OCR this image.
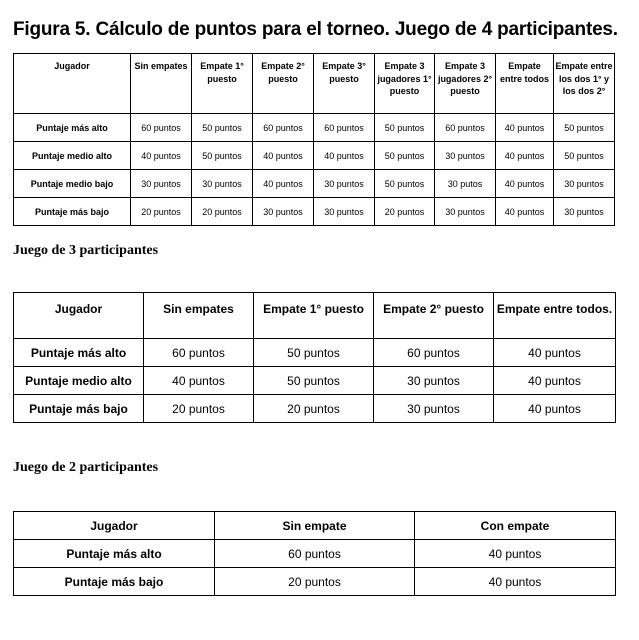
Figura 5. Cálculo de puntos para el torneo. Juego de 4 participantes.
Jugador	Sin empates	Empate 1° puesto	Empate 2° puesto	Empate 3° puesto	Empate 3 jugadores 1° puesto	Empate 3 jugadores 2° puesto	Empate entre todos	Empate entre los dos 1° y los dos 2°
Puntaje más alto	60 puntos	50 puntos	60 puntos	60 puntos	50 puntos	60 puntos	40 puntos	50 puntos
Puntaje medio alto	40 puntos	50 puntos	40 puntos	40 puntos	50 puntos	30 puntos	40 puntos	50 puntos
Puntaje medio bajo	30 puntos	30 puntos	40 puntos	30 puntos	50 puntos	30 putos	40 puntos	30 puntos
Puntaje más bajo	20 puntos	20 puntos	30 puntos	30 puntos	20 puntos	30 puntos	40 puntos	30 puntos
Juego de 3 participantes
Jugador	Sin empates	Empate 1° puesto	Empate 2° puesto	Empate entre todos.
Puntaje más alto	60 puntos	50 puntos	60 puntos	40 puntos
Puntaje medio alto	40 puntos	50 puntos	30 puntos	40 puntos
Puntaje más bajo	20 puntos	20 puntos	30 puntos	40 puntos
Juego de 2 participantes
Jugador	Sin empate	Con empate
Puntaje más alto	60 puntos	40 puntos
Puntaje más bajo	20 puntos	40 puntos
